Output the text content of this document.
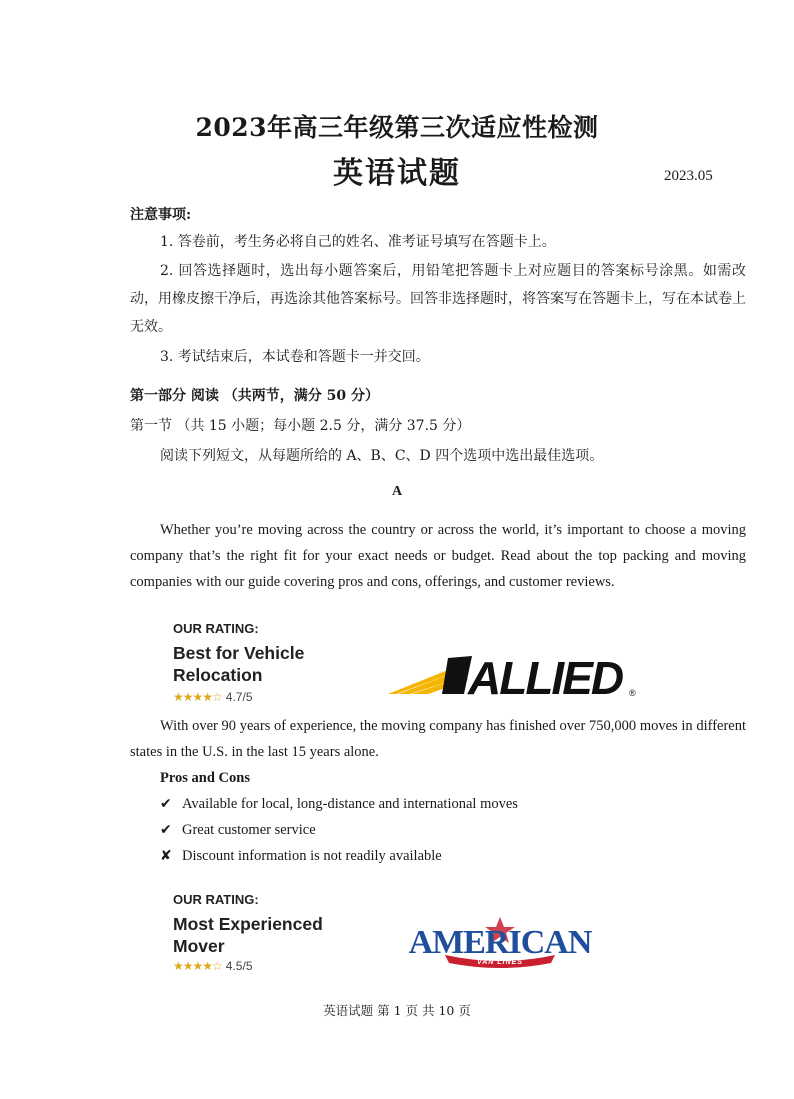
2023年高三年级第三次适应性检测
英语试题	2023.05
注意事项:
1. 答卷前，考生务必将自己的姓名、准考证号填写在答题卡上。
2. 回答选择题时，选出每小题答案后，用铅笔把答题卡上对应题目的答案标号涂黑。如需改动，用橡皮擦干净后，再选涂其他答案标号。回答非选择题时，将答案写在答题卡上，写在本试卷上无效。
3. 考试结束后，本试卷和答题卡一并交回。
第一部分 阅读 （共两节，满分 50 分）
第一节 （共 15 小题；每小题 2.5 分，满分 37.5 分）
阅读下列短文，从每题所给的 A、B、C、D 四个选项中选出最佳选项。
A
Whether you’re moving across the country or across the world, it’s important to choose a moving company that’s the right fit for your exact needs or budget. Read about the top packing and moving companies with our guide covering pros and cons, offerings, and customer reviews.
OUR RATING:
Best for Vehicle
Relocation
★★★★☆ 4.7/5	ALLIED ®
With over 90 years of experience, the moving company has finished over 750,000 moves in different states in the U.S. in the last 15 years alone.
Pros and Cons
✔ Available for local, long-distance and international moves
✔ Great customer service
✘ Discount information is not readily available
OUR RATING:
Most Experienced
Mover
★★★★☆ 4.5/5
AMERICAN
VAN LINES
英语试题 第 1 页 共 10 页
